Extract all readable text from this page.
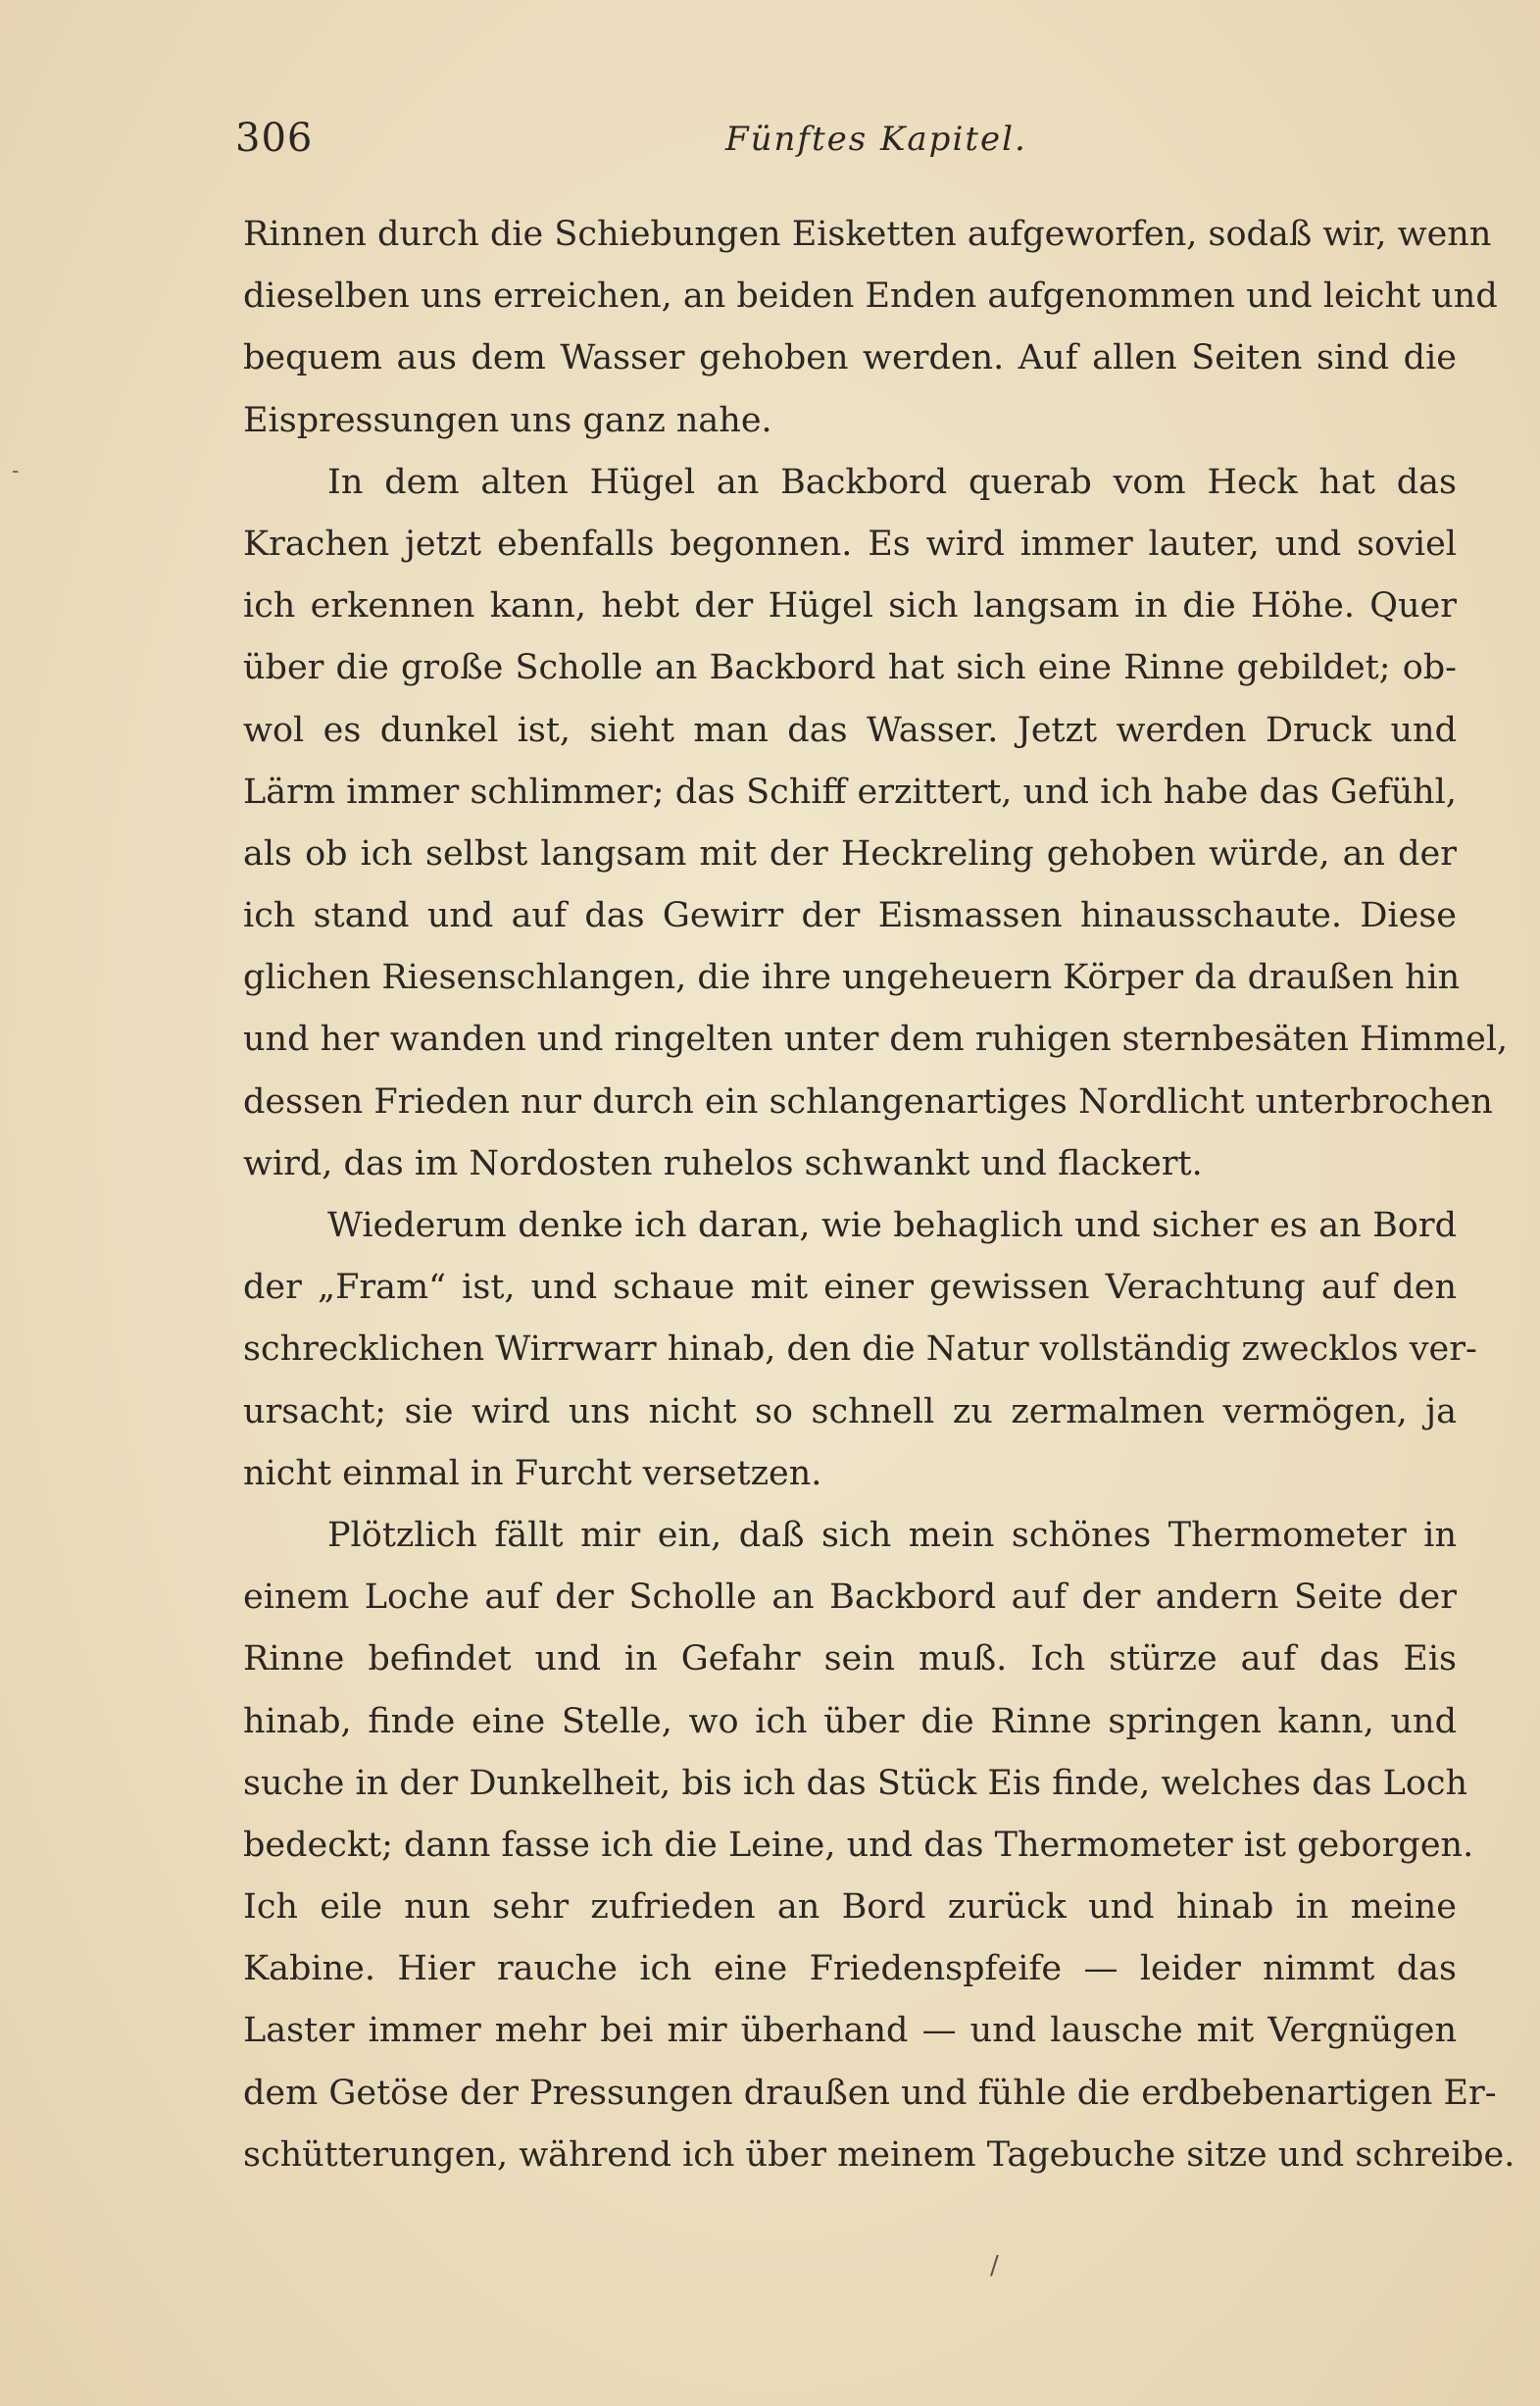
306	Fünftes Kapitel.
-
Rinnen durch die Schiebungen Eisketten aufgeworfen, sodaß wir, wenn
dieselben uns erreichen, an beiden Enden aufgenommen und leicht und
bequem aus dem Wasser gehoben werden. Auf allen Seiten sind die
Eispressungen uns ganz nahe.
In dem alten Hügel an Backbord querab vom Heck hat das
Krachen jetzt ebenfalls begonnen. Es wird immer lauter, und soviel
ich erkennen kann, hebt der Hügel sich langsam in die Höhe. Quer
über die große Scholle an Backbord hat sich eine Rinne gebildet; ob-
wol es dunkel ist, sieht man das Wasser. Jetzt werden Druck und
Lärm immer schlimmer; das Schiff erzittert, und ich habe das Gefühl,
als ob ich selbst langsam mit der Heckreling gehoben würde, an der
ich stand und auf das Gewirr der Eismassen hinausschaute. Diese
glichen Riesenschlangen, die ihre ungeheuern Körper da draußen hin
und her wanden und ringelten unter dem ruhigen sternbesäten Himmel,
dessen Frieden nur durch ein schlangenartiges Nordlicht unterbrochen
wird, das im Nordosten ruhelos schwankt und flackert.
Wiederum denke ich daran, wie behaglich und sicher es an Bord
der „Fram“ ist, und schaue mit einer gewissen Verachtung auf den
schrecklichen Wirrwarr hinab, den die Natur vollständig zwecklos ver-
ursacht; sie wird uns nicht so schnell zu zermalmen vermögen, ja
nicht einmal in Furcht versetzen.
Plötzlich fällt mir ein, daß sich mein schönes Thermometer in
einem Loche auf der Scholle an Backbord auf der andern Seite der
Rinne befindet und in Gefahr sein muß. Ich stürze auf das Eis
hinab, finde eine Stelle, wo ich über die Rinne springen kann, und
suche in der Dunkelheit, bis ich das Stück Eis finde, welches das Loch
bedeckt; dann fasse ich die Leine, und das Thermometer ist geborgen.
Ich eile nun sehr zufrieden an Bord zurück und hinab in meine
Kabine. Hier rauche ich eine Friedenspfeife — leider nimmt das
Laster immer mehr bei mir überhand — und lausche mit Vergnügen
dem Getöse der Pressungen draußen und fühle die erdbebenartigen Er-
schütterungen, während ich über meinem Tagebuche sitze und schreibe.
/
